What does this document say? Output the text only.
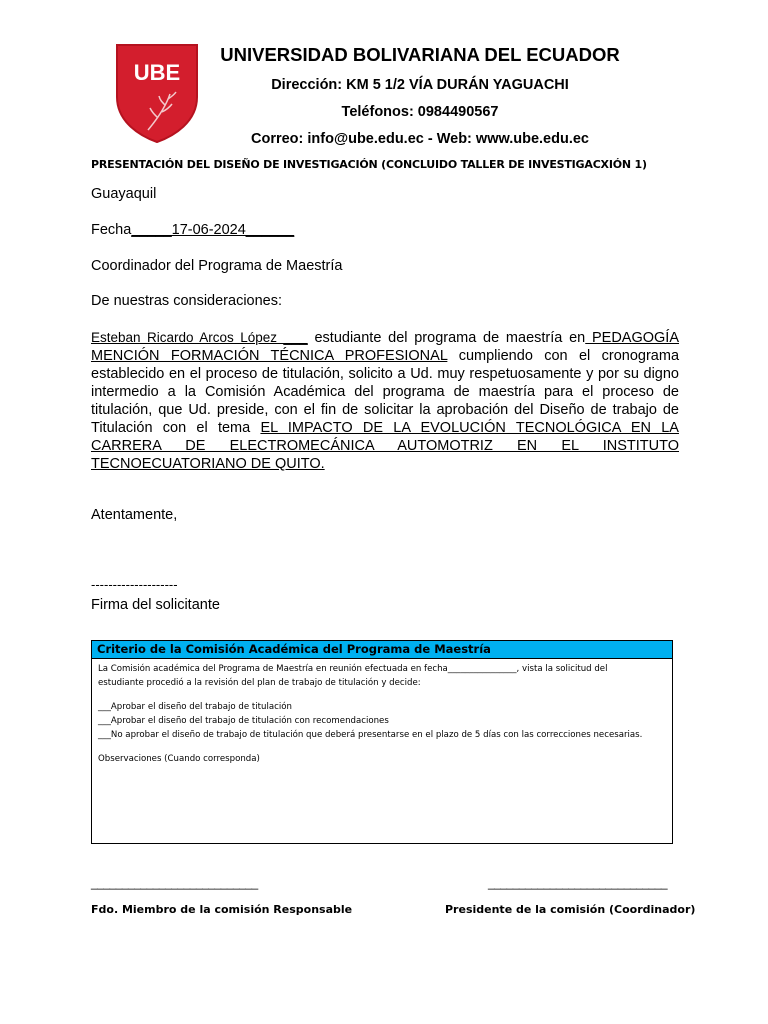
UBE
UNIVERSIDAD BOLIVARIANA DEL ECUADOR
Dirección: KM 5 1/2 VÍA DURÁN YAGUACHI
Teléfonos: 0984490567
Correo: info@ube.edu.ec - Web: www.ube.edu.ec
PRESENTACIÓN DEL DISEÑO DE INVESTIGACIÓN (CONCLUIDO TALLER DE INVESTIGACXIÓN 1)
Guayaquil
Fecha_____17-06-2024______
Coordinador del Programa de Maestría
De nuestras consideraciones:
Esteban Ricardo Arcos López ___ estudiante del programa de maestría en PEDAGOGÍA MENCIÓN FORMACIÓN TÉCNICA PROFESIONAL cumpliendo con el cronograma establecido en el proceso de titulación, solicito a Ud. muy respetuosamente y por su digno intermedio a la Comisión Académica del programa de maestría para el proceso de titulación, que Ud. preside, con el fin de solicitar la aprobación del Diseño de trabajo de Titulación con el tema EL IMPACTO DE LA EVOLUCIÓN TECNOLÓGICA EN LA CARRERA DE ELECTROMECÁNICA AUTOMOTRIZ EN EL INSTITUTO TECNOECUATORIANO DE QUITO.
Atentamente,
--------------------
Firma del solicitante
Criterio de la Comisión Académica del Programa de Maestría
La Comisión académica del Programa de Maestría en reunión efectuada en fecha________________, vista la solicitud del
estudiante procedió a la revisión del plan de trabajo de titulación y decide:
___Aprobar el diseño del trabajo de titulación
___Aprobar el diseño del trabajo de titulación con recomendaciones
___No aprobar el diseño de trabajo de titulación que deberá presentarse en el plazo de 5 días con las correcciones necesarias.
Observaciones (Cuando corresponda)
___________________________	_____________________________
Fdo. Miembro de la comisión Responsable	Presidente de la comisión (Coordinador)
